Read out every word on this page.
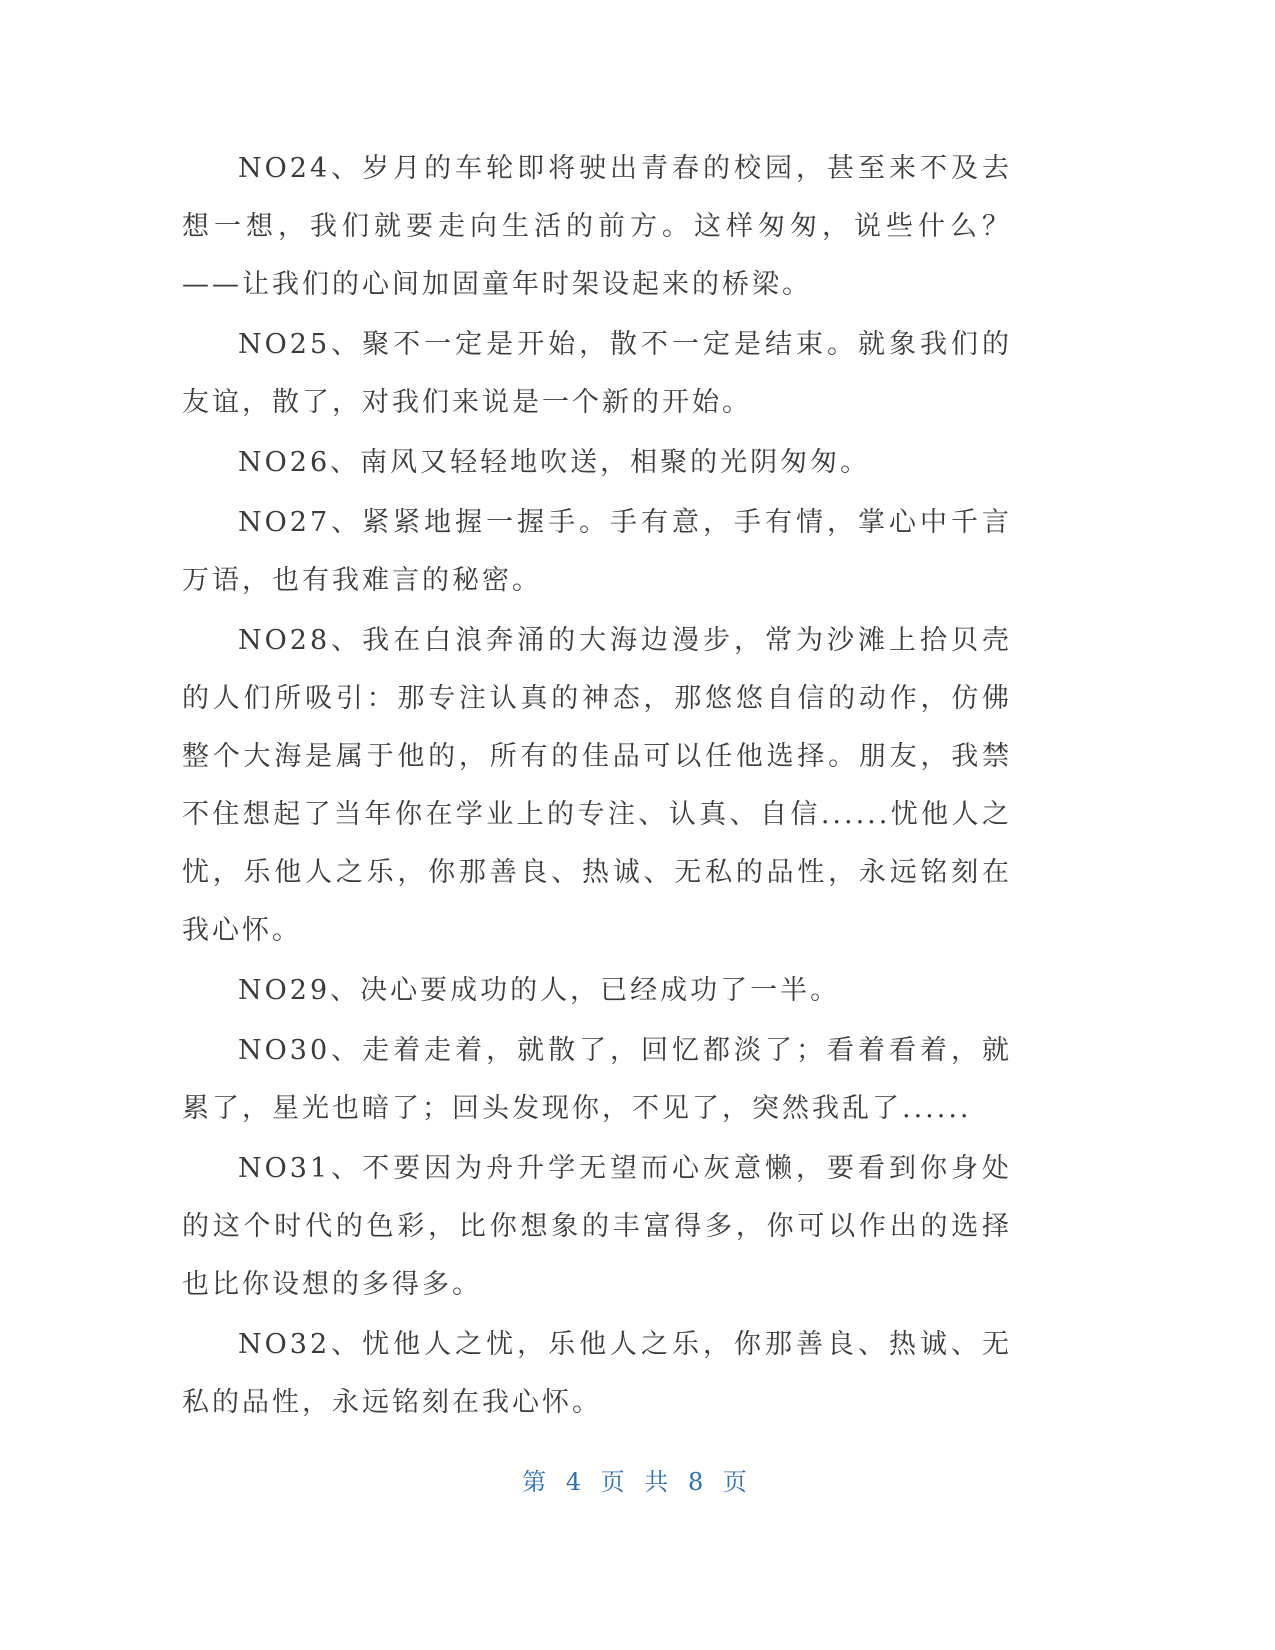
NO24、岁月的车轮即将驶出青春的校园，甚至来不及去想一想，我们就要走向生活的前方。这样匆匆，说些什么？——让我们的心间加固童年时架设起来的桥梁。

NO25、聚不一定是开始，散不一定是结束。就象我们的友谊，散了，对我们来说是一个新的开始。

NO26、南风又轻轻地吹送，相聚的光阴匆匆。

NO27、紧紧地握一握手。手有意，手有情，掌心中千言万语，也有我难言的秘密。

NO28、我在白浪奔涌的大海边漫步，常为沙滩上拾贝壳的人们所吸引：那专注认真的神态，那悠悠自信的动作，仿佛整个大海是属于他的，所有的佳品可以任他选择。朋友，我禁不住想起了当年你在学业上的专注、认真、自信......忧他人之忧，乐他人之乐，你那善良、热诚、无私的品性，永远铭刻在我心怀。

NO29、决心要成功的人，已经成功了一半。

NO30、走着走着，就散了，回忆都淡了；看着看着，就累了，星光也暗了；回头发现你，不见了，突然我乱了......

NO31、不要因为舟升学无望而心灰意懒，要看到你身处的这个时代的色彩，比你想象的丰富得多，你可以作出的选择也比你设想的多得多。

NO32、忧他人之忧，乐他人之乐，你那善良、热诚、无私的品性，永远铭刻在我心怀。

第 4 页 共 8 页
